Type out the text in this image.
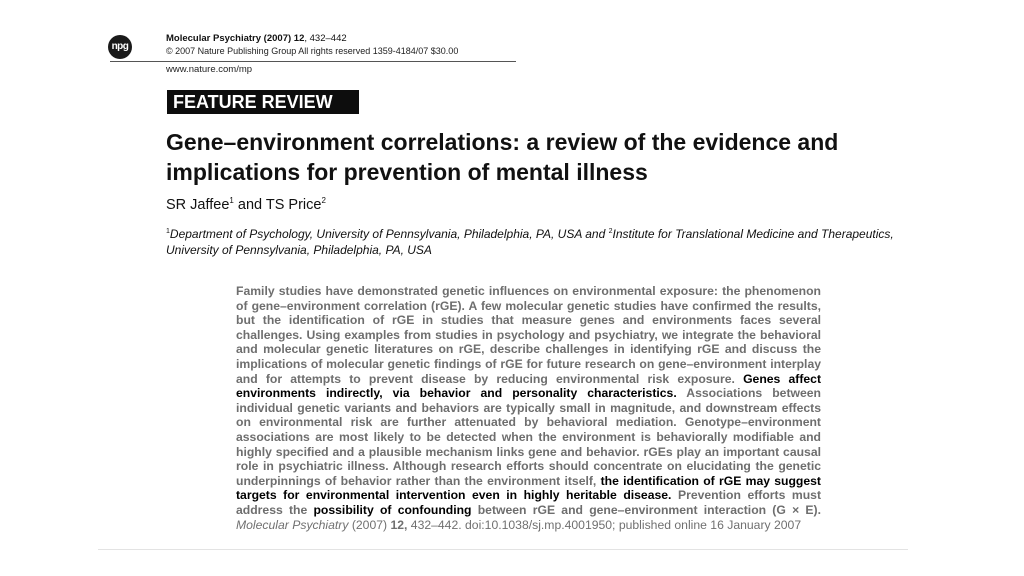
npg
Molecular Psychiatry (2007) 12, 432–442
© 2007 Nature Publishing Group All rights reserved 1359-4184/07 $30.00
www.nature.com/mp
FEATURE REVIEW
Gene–environment correlations: a review of the evidence and implications for prevention of mental illness
SR Jaffee$^1$ and TS Price$^2$
$^1$Department of Psychology, University of Pennsylvania, Philadelphia, PA, USA and $^2$Institute for Translational Medicine and Therapeutics, University of Pennsylvania, Philadelphia, PA, USA
Family studies have demonstrated genetic influences on environmental exposure: the phenomenon of gene–environment correlation (rGE). A few molecular genetic studies have confirmed the results, but the identification of rGE in studies that measure genes and environments faces several challenges. Using examples from studies in psychology and psychiatry, we integrate the behavioral and molecular genetic literatures on rGE, describe challenges in identifying rGE and discuss the implications of molecular genetic findings of rGE for future research on gene–environment interplay and for attempts to prevent disease by reducing environmental risk exposure. Genes affect environments indirectly, via behavior and personality characteristics. Associations between individual genetic variants and behaviors are typically small in magnitude, and downstream effects on environmental risk are further attenuated by behavioral mediation. Genotype–environment associations are most likely to be detected when the environment is behaviorally modifiable and highly specified and a plausible mechanism links gene and behavior. rGEs play an important causal role in psychiatric illness. Although research efforts should concentrate on elucidating the genetic underpinnings of behavior rather than the environment itself, the identification of rGE may suggest targets for environmental intervention even in highly heritable disease. Prevention efforts must address the possibility of confounding between rGE and gene–environment interaction (G × E). Molecular Psychiatry (2007) 12, 432–442. doi:10.1038/sj.mp.4001950; published online 16 January 2007
